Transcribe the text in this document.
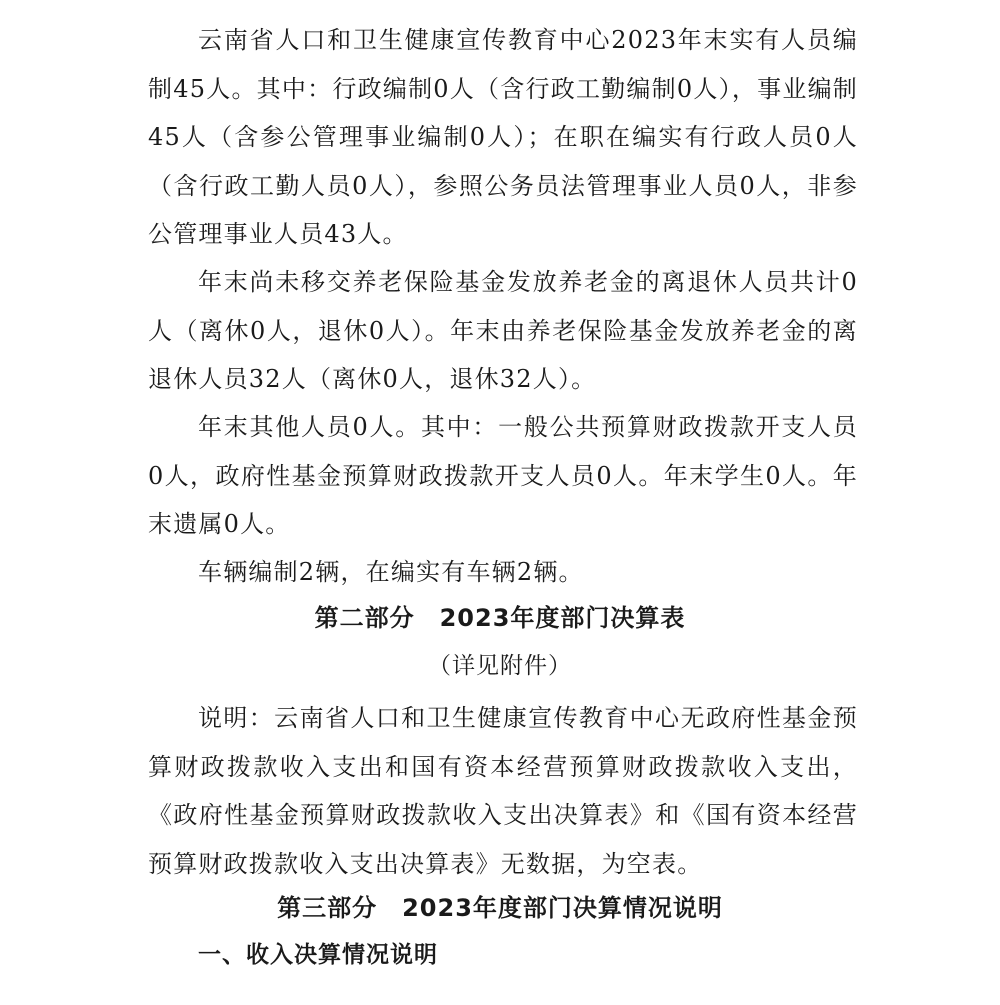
云南省人口和卫生健康宣传教育中心2023年末实有人员编制45人。其中：行政编制0人（含行政工勤编制0人），事业编制45人（含参公管理事业编制0人）；在职在编实有行政人员0人（含行政工勤人员0人），参照公务员法管理事业人员0人，非参公管理事业人员43人。

年末尚未移交养老保险基金发放养老金的离退休人员共计0人（离休0人，退休0人）。年末由养老保险基金发放养老金的离退休人员32人（离休0人，退休32人）。

年末其他人员0人。其中：一般公共预算财政拨款开支人员0人，政府性基金预算财政拨款开支人员0人。年末学生0人。年末遗属0人。

车辆编制2辆，在编实有车辆2辆。

第二部分　2023年度部门决算表

（详见附件）

说明：云南省人口和卫生健康宣传教育中心无政府性基金预算财政拨款收入支出和国有资本经营预算财政拨款收入支出，《政府性基金预算财政拨款收入支出决算表》和《国有资本经营预算财政拨款收入支出决算表》无数据，为空表。

第三部分　2023年度部门决算情况说明
一、收入决算情况说明
